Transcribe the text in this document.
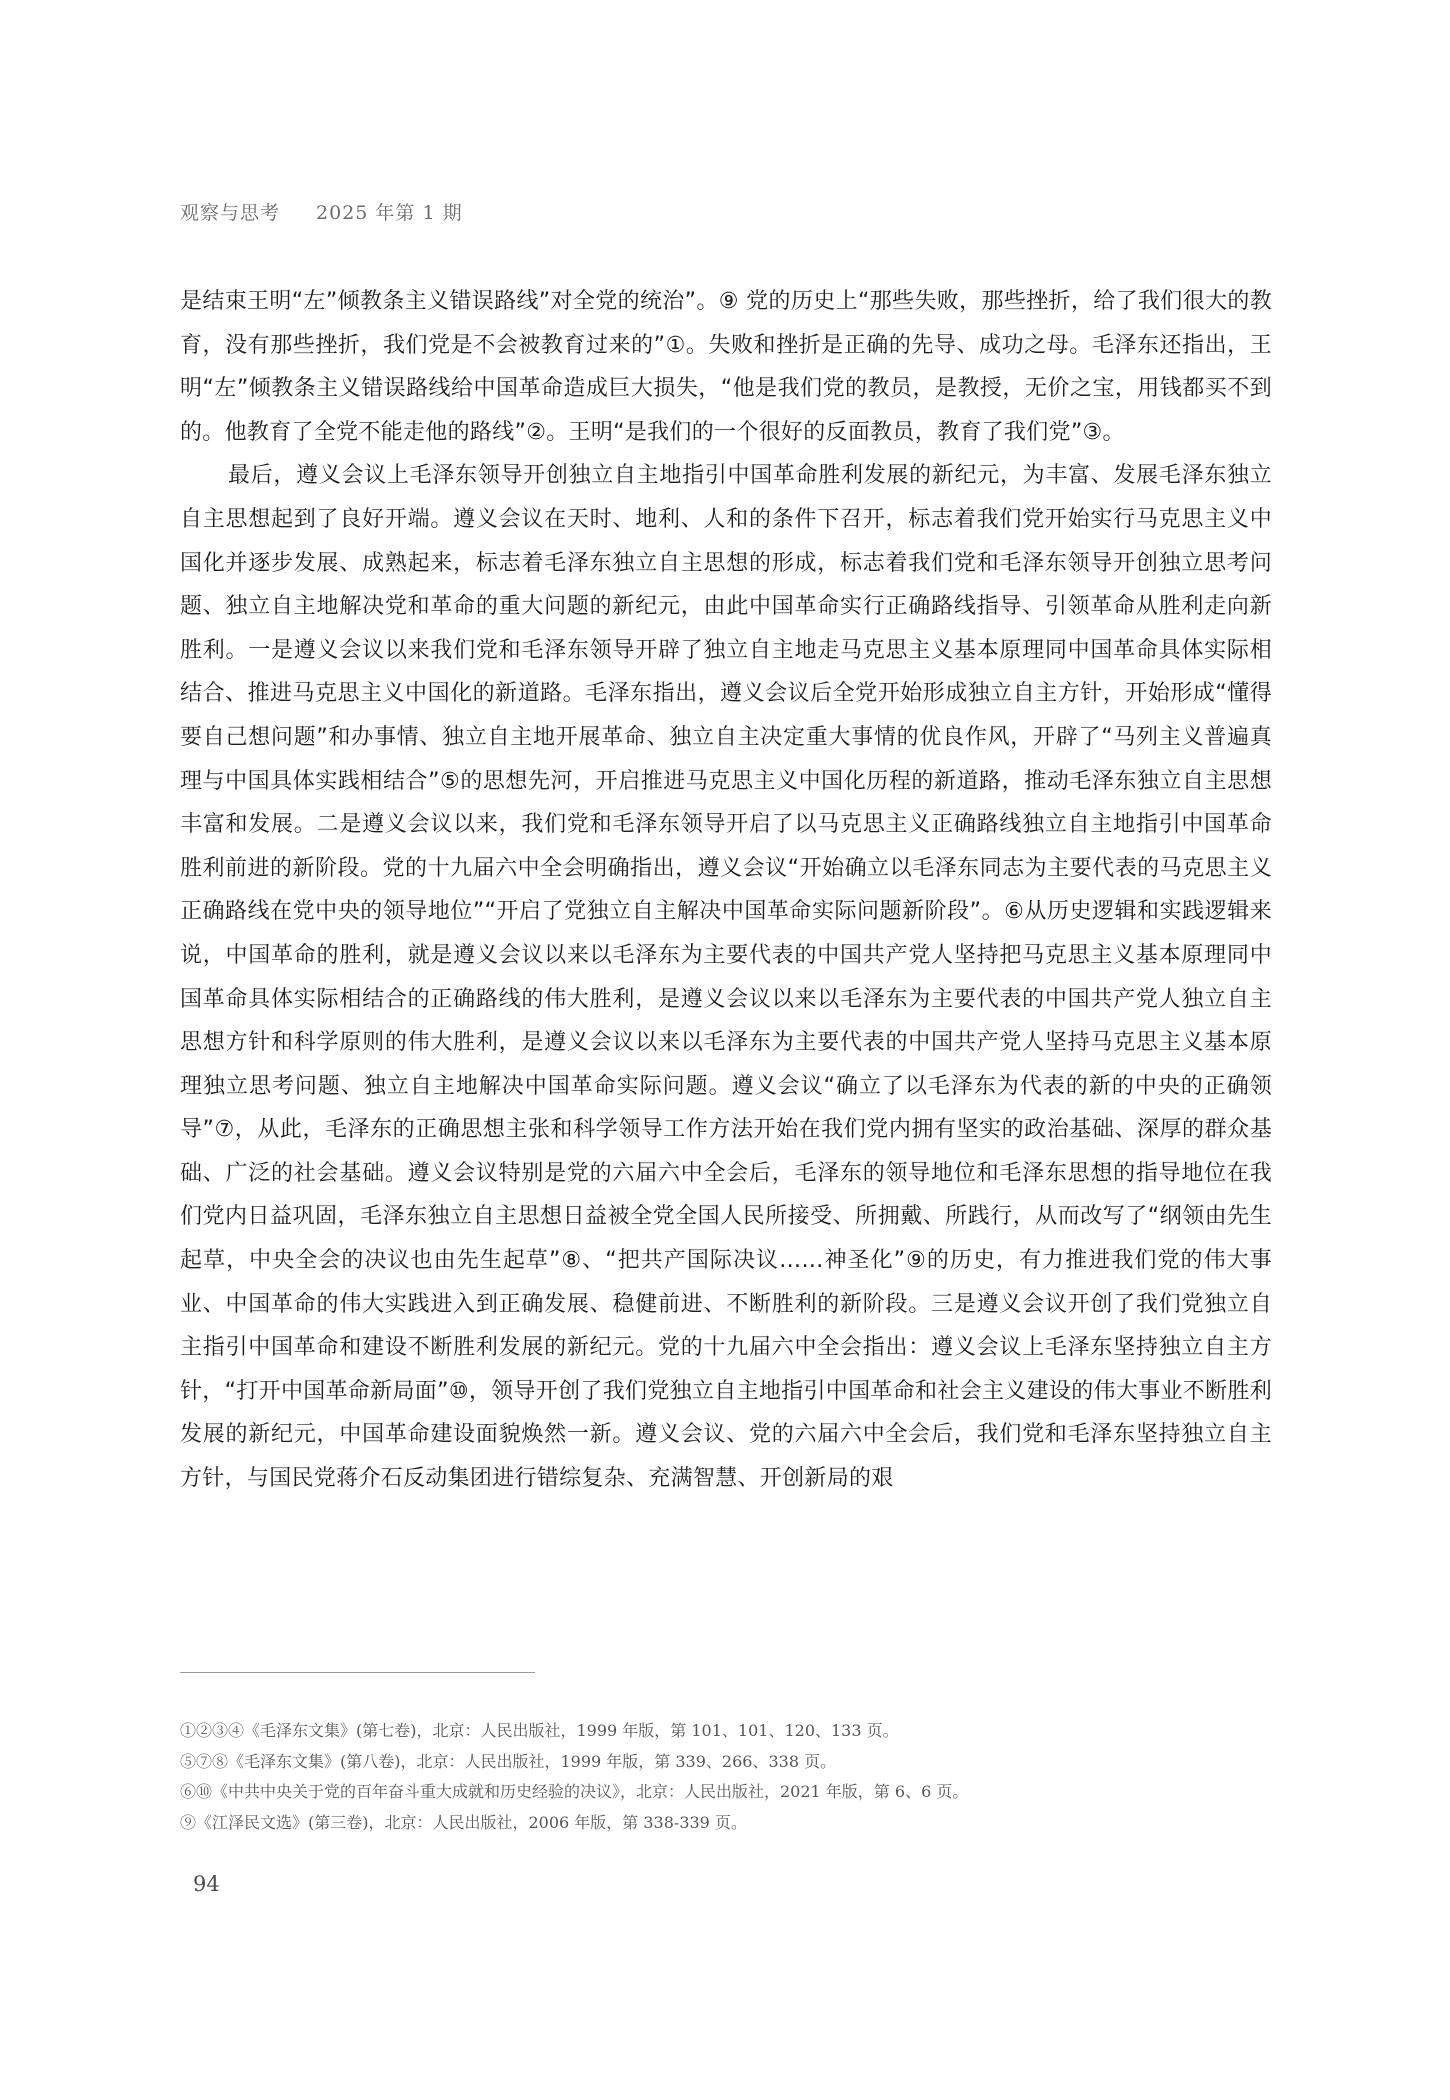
观察与思考 2025 年第 1 期

是结束王明“左”倾教条主义错误路线”对全党的统治”。⑨ 党的历史上“那些失败，那些挫折，给了我们很大的教育，没有那些挫折，我们党是不会被教育过来的”①。失败和挫折是正确的先导、成功之母。毛泽东还指出，王明“左”倾教条主义错误路线给中国革命造成巨大损失，“他是我们党的教员，是教授，无价之宝，用钱都买不到的。他教育了全党不能走他的路线”②。王明“是我们的一个很好的反面教员，教育了我们党”③。

最后，遵义会议上毛泽东领导开创独立自主地指引中国革命胜利发展的新纪元，为丰富、发展毛泽东独立自主思想起到了良好开端。遵义会议在天时、地利、人和的条件下召开，标志着我们党开始实行马克思主义中国化并逐步发展、成熟起来，标志着毛泽东独立自主思想的形成，标志着我们党和毛泽东领导开创独立思考问题、独立自主地解决党和革命的重大问题的新纪元，由此中国革命实行正确路线指导、引领革命从胜利走向新胜利。一是遵义会议以来我们党和毛泽东领导开辟了独立自主地走马克思主义基本原理同中国革命具体实际相结合、推进马克思主义中国化的新道路。毛泽东指出，遵义会议后全党开始形成独立自主方针，开始形成“懂得要自己想问题”和办事情、独立自主地开展革命、独立自主决定重大事情的优良作风，开辟了“马列主义普遍真理与中国具体实践相结合”⑤的思想先河，开启推进马克思主义中国化历程的新道路，推动毛泽东独立自主思想丰富和发展。二是遵义会议以来，我们党和毛泽东领导开启了以马克思主义正确路线独立自主地指引中国革命胜利前进的新阶段。党的十九届六中全会明确指出，遵义会议“开始确立以毛泽东同志为主要代表的马克思主义正确路线在党中央的领导地位”“开启了党独立自主解决中国革命实际问题新阶段”。⑥从历史逻辑和实践逻辑来说，中国革命的胜利，就是遵义会议以来以毛泽东为主要代表的中国共产党人坚持把马克思主义基本原理同中国革命具体实际相结合的正确路线的伟大胜利，是遵义会议以来以毛泽东为主要代表的中国共产党人独立自主思想方针和科学原则的伟大胜利，是遵义会议以来以毛泽东为主要代表的中国共产党人坚持马克思主义基本原理独立思考问题、独立自主地解决中国革命实际问题。遵义会议“确立了以毛泽东为代表的新的中央的正确领导”⑦，从此，毛泽东的正确思想主张和科学领导工作方法开始在我们党内拥有坚实的政治基础、深厚的群众基础、广泛的社会基础。遵义会议特别是党的六届六中全会后，毛泽东的领导地位和毛泽东思想的指导地位在我们党内日益巩固，毛泽东独立自主思想日益被全党全国人民所接受、所拥戴、所践行，从而改写了“纲领由先生起草，中央全会的决议也由先生起草”⑧、“把共产国际决议……神圣化”⑨的历史，有力推进我们党的伟大事业、中国革命的伟大实践进入到正确发展、稳健前进、不断胜利的新阶段。三是遵义会议开创了我们党独立自主指引中国革命和建设不断胜利发展的新纪元。党的十九届六中全会指出：遵义会议上毛泽东坚持独立自主方针，“打开中国革命新局面”⑩，领导开创了我们党独立自主地指引中国革命和社会主义建设的伟大事业不断胜利发展的新纪元，中国革命建设面貌焕然一新。遵义会议、党的六届六中全会后，我们党和毛泽东坚持独立自主方针，与国民党蒋介石反动集团进行错综复杂、充满智慧、开创新局的艰

①②③④《毛泽东文集》(第七卷)，北京：人民出版社，1999 年版，第 101、101、120、133 页。
⑤⑦⑧《毛泽东文集》(第八卷)，北京：人民出版社，1999 年版，第 339、266、338 页。
⑥⑩《中共中央关于党的百年奋斗重大成就和历史经验的决议》，北京：人民出版社，2021 年版，第 6、6 页。
⑨《江泽民文选》(第三卷)，北京：人民出版社，2006 年版，第 338-339 页。
94
